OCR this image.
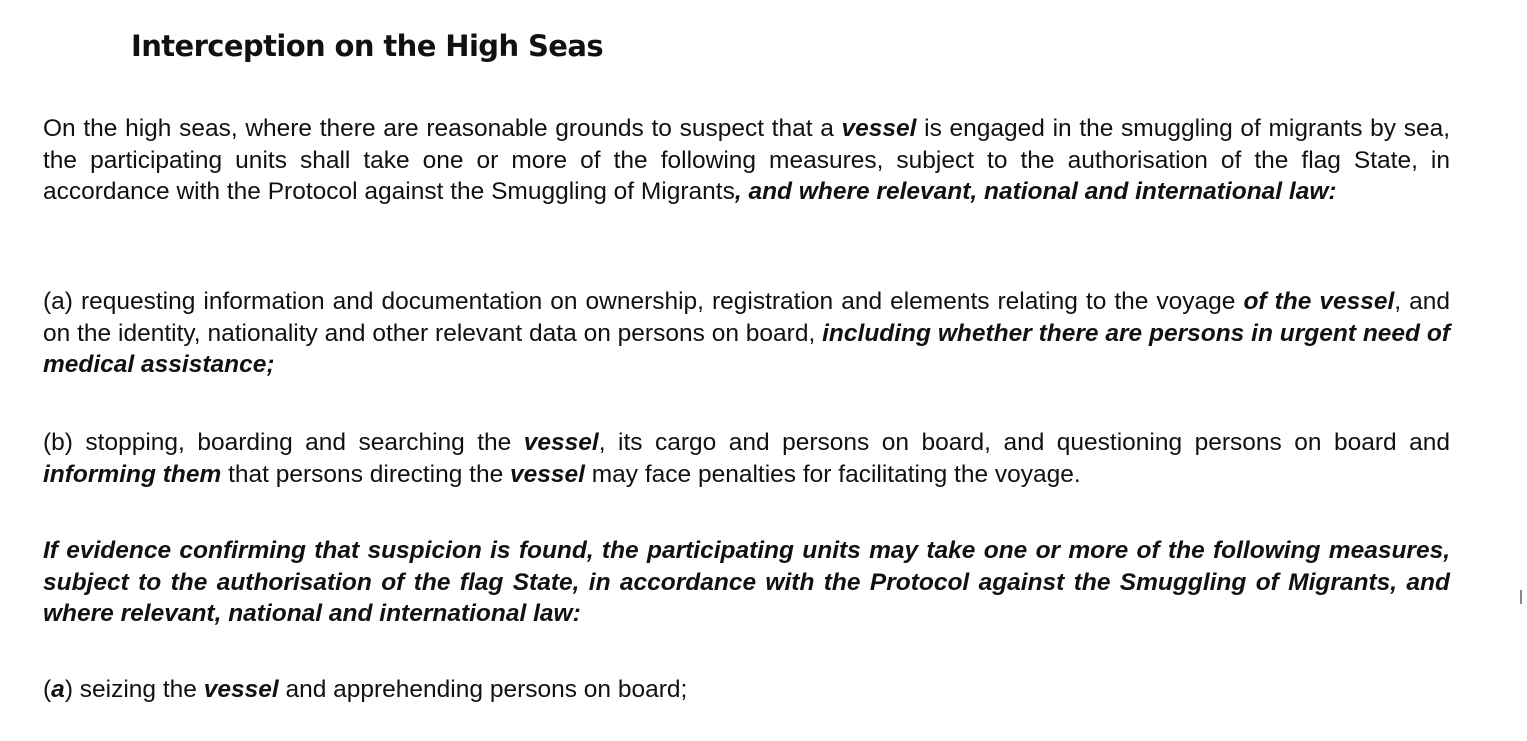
Interception on the High Seas

On the high seas, where there are reasonable grounds to suspect that a vessel is engaged in the smuggling of migrants by sea, the participating units shall take one or more of the following measures, subject to the authorisation of the flag State, in accordance with the Protocol against the Smuggling of Migrants, and where relevant, national and international law:

(a) requesting information and documentation on ownership, registration and elements relating to the voyage of the vessel, and on the identity, nationality and other relevant data on persons on board, including whether there are persons in urgent need of medical assistance;

(b) stopping, boarding and searching the vessel, its cargo and persons on board, and questioning persons on board and informing them that persons directing the vessel may face penalties for facilitating the voyage.

If evidence confirming that suspicion is found, the participating units may take one or more of the following measures, subject to the authorisation of the flag State, in accordance with the Protocol against the Smuggling of Migrants, and where relevant, national and international law:

(a) seizing the vessel and apprehending persons on board;
